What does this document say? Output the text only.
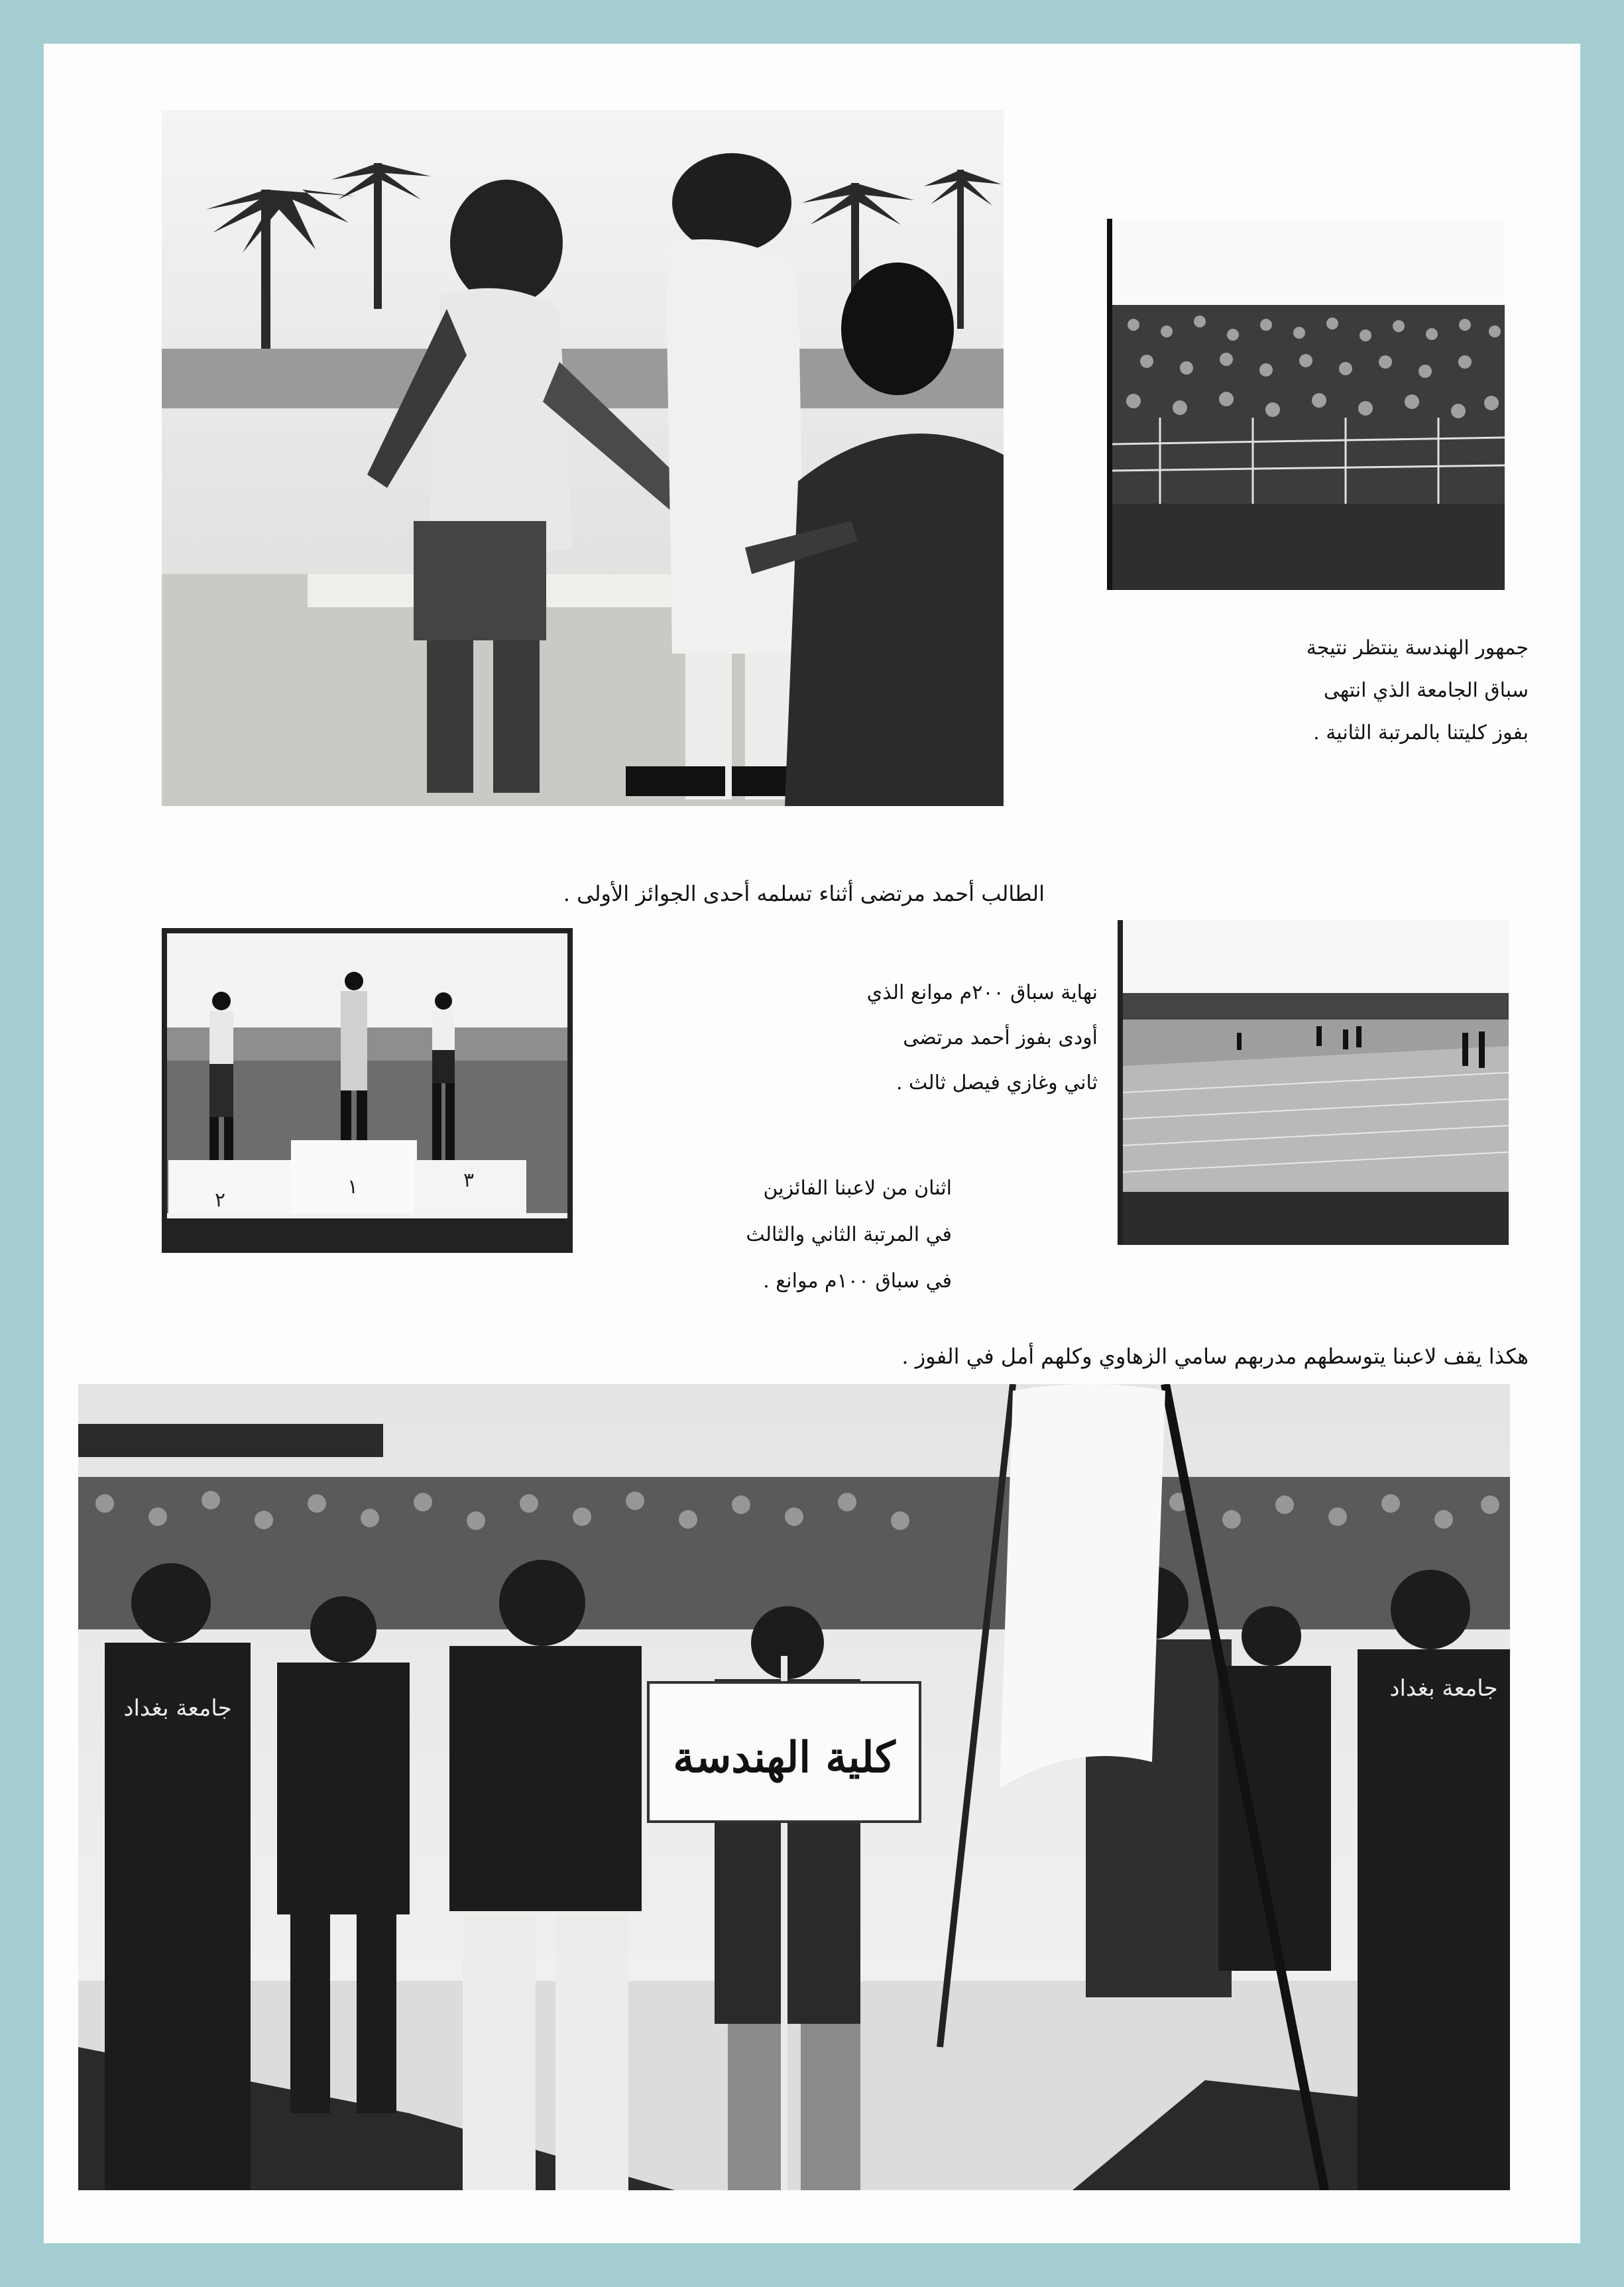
٢
١	٣
كلية الهندسة
جامعة بغداد
جامعة بغداد
جمهور الهندسة ينتظر نتيجة
سباق الجامعة الذي انتهى
بفوز كليتنا بالمرتبة الثانية .
الطالب أحمد مرتضى أثناء تسلمه أحدى الجوائز الأولى .
نهاية سباق ٢٠٠م موانع الذي
أودى بفوز أحمد مرتضى
ثاني وغازي فيصل ثالث .
اثنان من لاعبنا الفائزين
في المرتبة الثاني والثالث
في سباق ١٠٠م موانع .
هكذا يقف لاعبنا يتوسطهم مدربهم سامي الزهاوي وكلهم أمل في الفوز .
